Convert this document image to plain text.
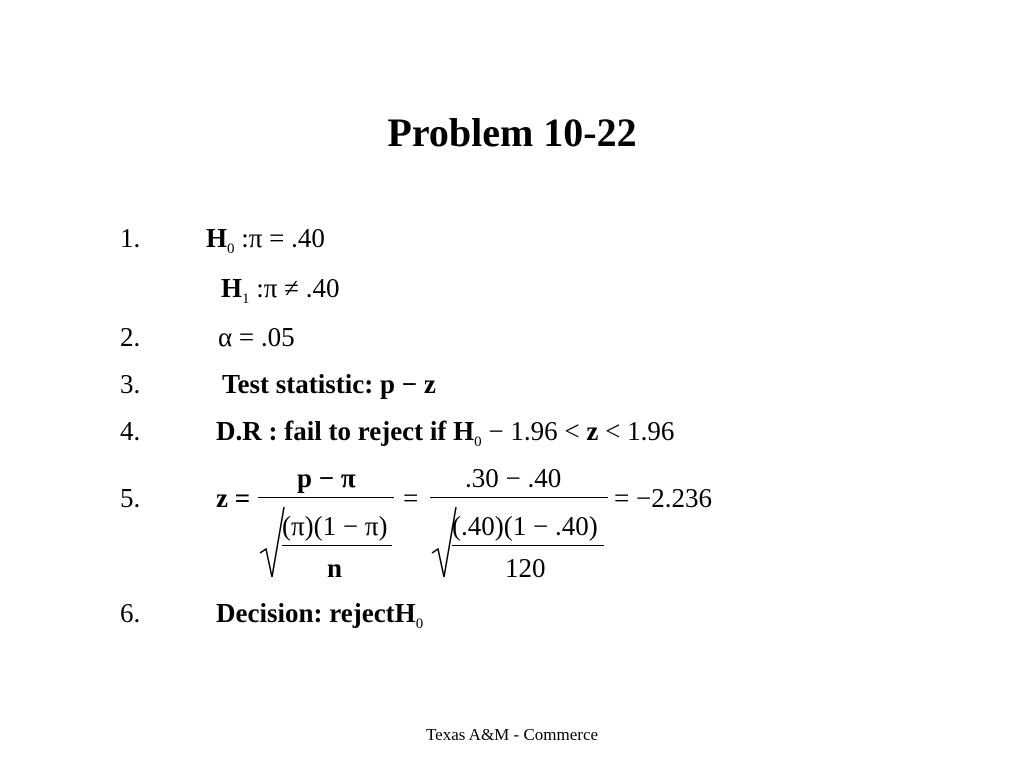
Problem 10-22
1. $H_0$ :π = .40
$H_1$ :π ≠ .40
2.	α = .05
3.	Test statistic: p − z
4.	D.R : fail to reject if $H_0 - 1.96 < z < 1.96$
5.	z =
p − π
(π)(1 − π)
n
=
.30 − .40
(.40)(1 − .40)
120
= −2.236
6.	Decision: rejectH$_0$
Texas A&M - Commerce
